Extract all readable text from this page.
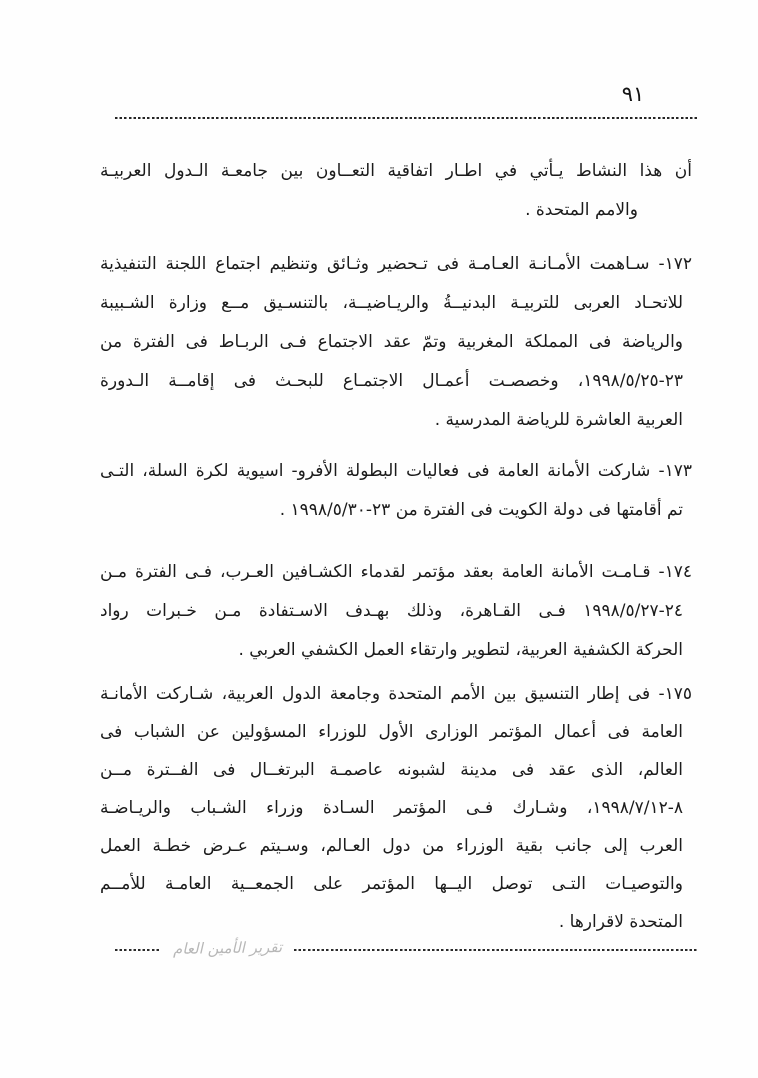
٩١
أن هذا النشاط يـأتي في اطـار اتفاقية التعــاون بين جامعـة الـدول العربيـة
والامم المتحدة .
١٧٢- سـاهمت الأمـانـة العـامـة فى تـحضير وثـائق وتنظيم اجتماع اللجنة التنفيذية
للاتحـاد العربى للتربيـة البدنيــةُ والريـاضيــة، بالتنسـيق مــع وزارة الشـبيبة
والرياضة فى المملكة المغربية وتمّ عقد الاجتماع فـى الربـاط فى الفترة من
٢٣-١٩٩٨/٥/٢٥، وخصصـت أعمـال الاجتمـاع للبحـث فى إقامــة الـدورة
العربية العاشرة للرياضة المدرسية .
١٧٣- شاركت الأمانة العامة فى فعاليات البطولة الأفرو- اسيوية لكرة السلة، التـى
تم أقامتها فى دولة الكويت فى الفترة من ٢٣-١٩٩٨/٥/٣٠ .
١٧٤- قـامـت الأمانة العامة بعقد مؤتمر لقدماء الكشـافين العـرب، فـى الفترة مـن
٢٤-١٩٩٨/٥/٢٧ فـى القـاهرة، وذلك بهـدف الاسـتفادة مـن خـبرات رواد
الحركة الكشفية العربية، لتطوير وارتقاء العمل الكشفي العربي .
١٧٥- فى إطار التنسيق بين الأمم المتحدة وجامعة الدول العربية، شـاركت الأمانـة
العامة فى أعمال المؤتمر الوزارى الأول للوزراء المسؤولين عن الشباب فى
العالم، الذى عقد فى مدينة لشبونه عاصمـة البرتغــال فى الفــترة مــن
٨-١٩٩٨/٧/١٢، وشـارك فـى المؤتمر السـادة وزراء الشـباب والريـاضـة
العرب إلى جانب بقية الوزراء من دول العـالم، وسـيتم عـرض خطـة العمل
والتوصيـات التـى توصل اليــها المؤتمر على الجمعــية العامـة للأمــم
المتحدة لاقرارها .
تقرير الأمين العام
